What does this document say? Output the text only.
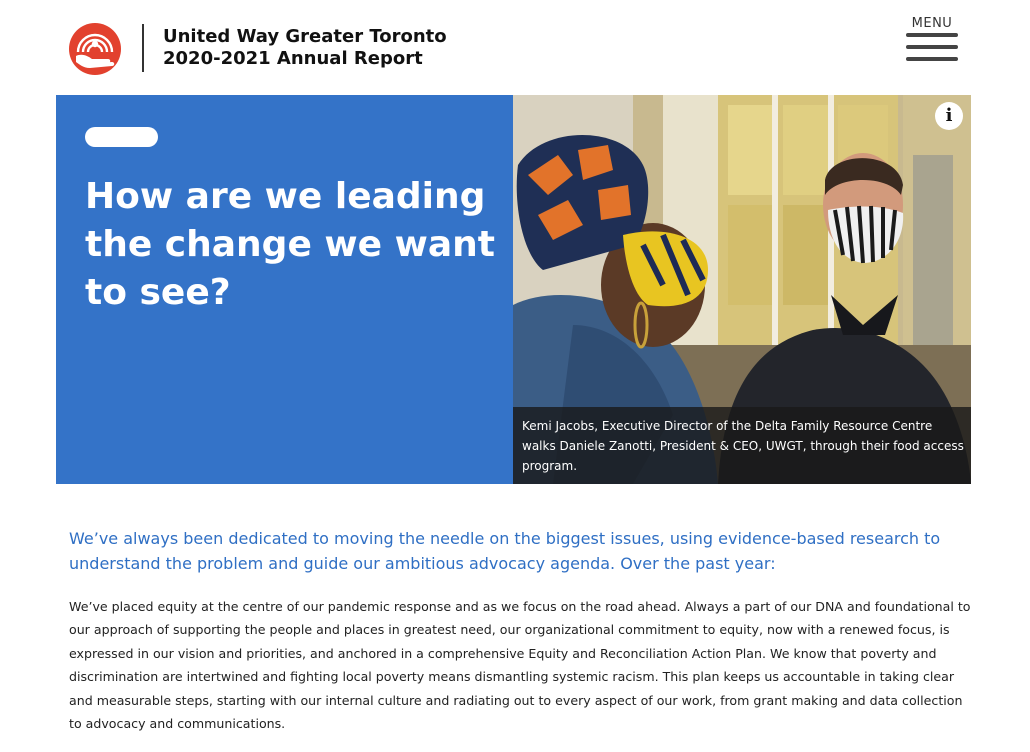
United Way Greater Toronto
2020-2021 Annual Report
MENU
How are we leading the change we want to see?
i

Kemi Jacobs, Executive Director of the Delta Family Resource Centre walks Daniele Zanotti, President & CEO, UWGT, through their food access program.

We’ve always been dedicated to moving the needle on the biggest issues, using evidence-based research to understand the problem and guide our ambitious advocacy agenda. Over the past year:

We’ve placed equity at the centre of our pandemic response and as we focus on the road ahead. Always a part of our DNA and foundational to our approach of supporting the people and places in greatest need, our organizational commitment to equity, now with a renewed focus, is expressed in our vision and priorities, and anchored in a comprehensive Equity and Reconciliation Action Plan. We know that poverty and discrimination are intertwined and fighting local poverty means dismantling systemic racism. This plan keeps us accountable in taking clear and measurable steps, starting with our internal culture and radiating out to every aspect of our work, from grant making and data collection to advocacy and communications.
